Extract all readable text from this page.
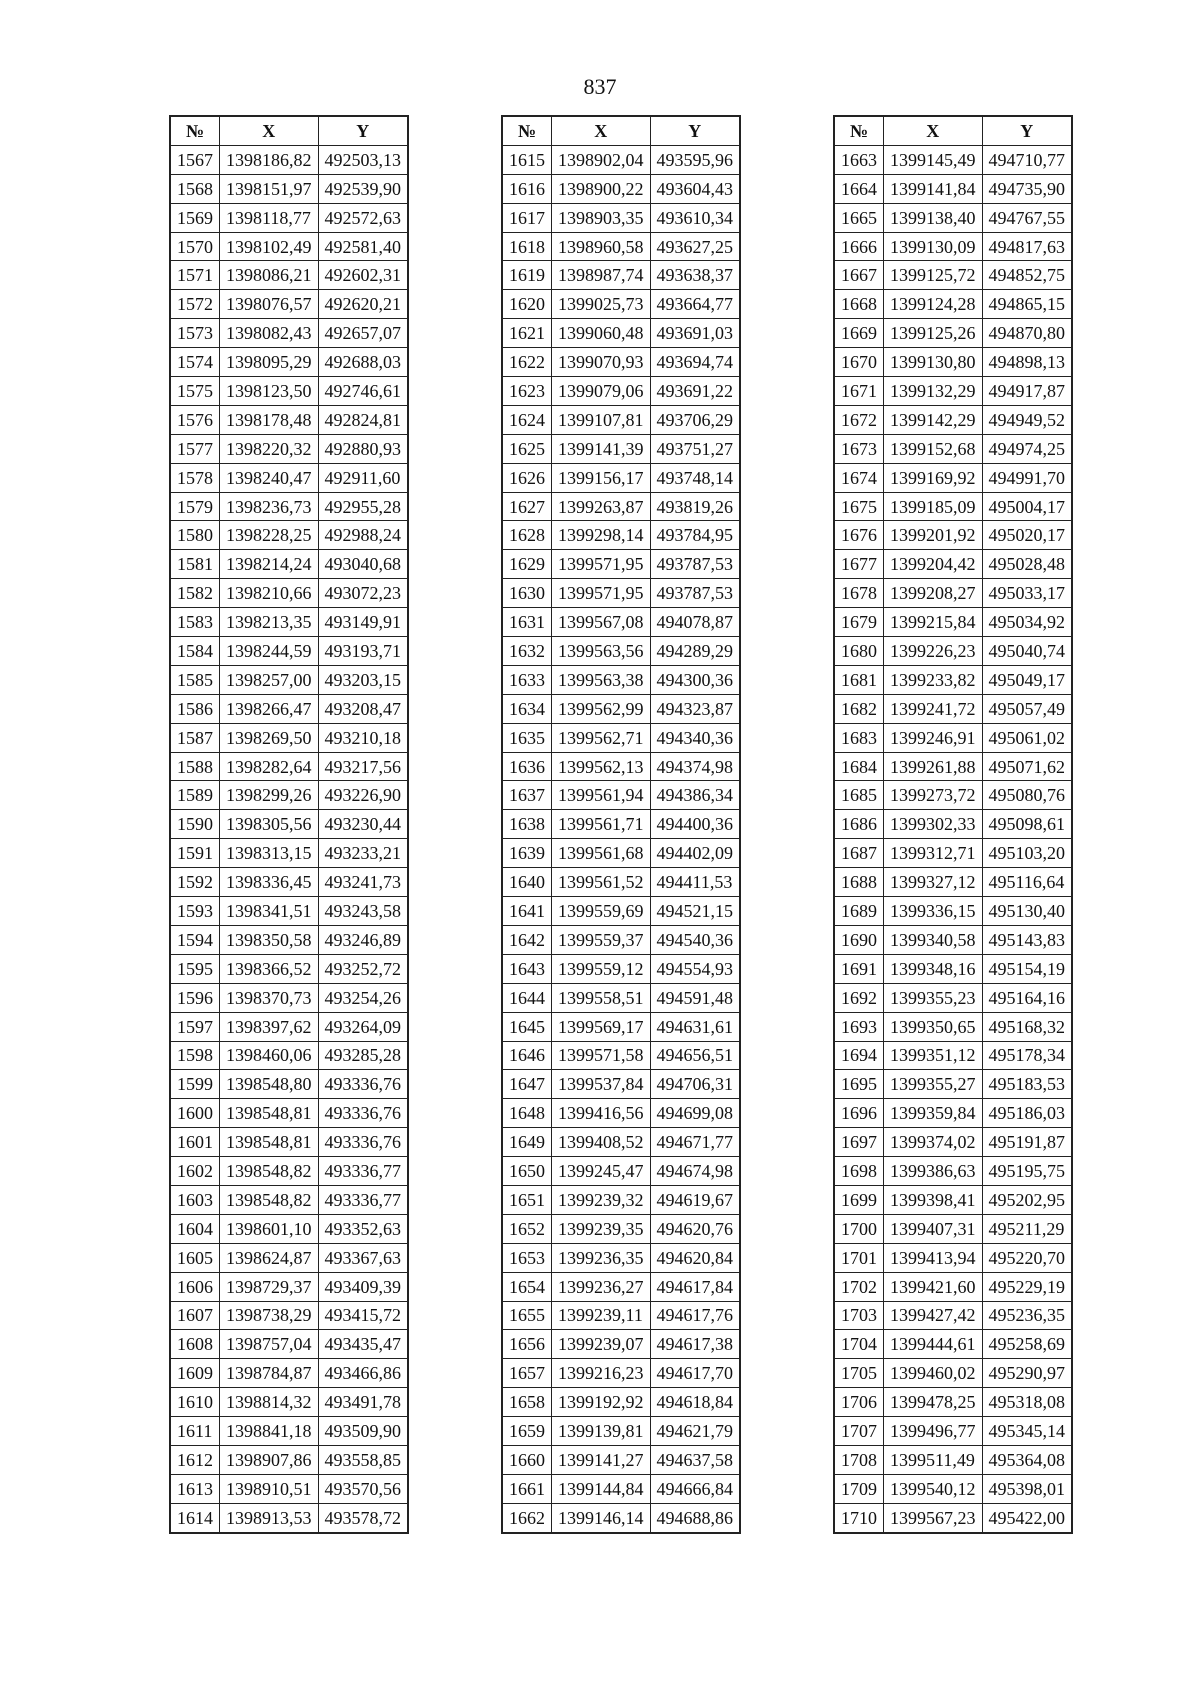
837
№	X	Y
1567	1398186,82	492503,13
1568	1398151,97	492539,90
1569	1398118,77	492572,63
1570	1398102,49	492581,40
1571	1398086,21	492602,31
1572	1398076,57	492620,21
1573	1398082,43	492657,07
1574	1398095,29	492688,03
1575	1398123,50	492746,61
1576	1398178,48	492824,81
1577	1398220,32	492880,93
1578	1398240,47	492911,60
1579	1398236,73	492955,28
1580	1398228,25	492988,24
1581	1398214,24	493040,68
1582	1398210,66	493072,23
1583	1398213,35	493149,91
1584	1398244,59	493193,71
1585	1398257,00	493203,15
1586	1398266,47	493208,47
1587	1398269,50	493210,18
1588	1398282,64	493217,56
1589	1398299,26	493226,90
1590	1398305,56	493230,44
1591	1398313,15	493233,21
1592	1398336,45	493241,73
1593	1398341,51	493243,58
1594	1398350,58	493246,89
1595	1398366,52	493252,72
1596	1398370,73	493254,26
1597	1398397,62	493264,09
1598	1398460,06	493285,28
1599	1398548,80	493336,76
1600	1398548,81	493336,76
1601	1398548,81	493336,76
1602	1398548,82	493336,77
1603	1398548,82	493336,77
1604	1398601,10	493352,63
1605	1398624,87	493367,63
1606	1398729,37	493409,39
1607	1398738,29	493415,72
1608	1398757,04	493435,47
1609	1398784,87	493466,86
1610	1398814,32	493491,78
1611	1398841,18	493509,90
1612	1398907,86	493558,85
1613	1398910,51	493570,56
1614	1398913,53	493578,72
№	X	Y
1615	1398902,04	493595,96
1616	1398900,22	493604,43
1617	1398903,35	493610,34
1618	1398960,58	493627,25
1619	1398987,74	493638,37
1620	1399025,73	493664,77
1621	1399060,48	493691,03
1622	1399070,93	493694,74
1623	1399079,06	493691,22
1624	1399107,81	493706,29
1625	1399141,39	493751,27
1626	1399156,17	493748,14
1627	1399263,87	493819,26
1628	1399298,14	493784,95
1629	1399571,95	493787,53
1630	1399571,95	493787,53
1631	1399567,08	494078,87
1632	1399563,56	494289,29
1633	1399563,38	494300,36
1634	1399562,99	494323,87
1635	1399562,71	494340,36
1636	1399562,13	494374,98
1637	1399561,94	494386,34
1638	1399561,71	494400,36
1639	1399561,68	494402,09
1640	1399561,52	494411,53
1641	1399559,69	494521,15
1642	1399559,37	494540,36
1643	1399559,12	494554,93
1644	1399558,51	494591,48
1645	1399569,17	494631,61
1646	1399571,58	494656,51
1647	1399537,84	494706,31
1648	1399416,56	494699,08
1649	1399408,52	494671,77
1650	1399245,47	494674,98
1651	1399239,32	494619,67
1652	1399239,35	494620,76
1653	1399236,35	494620,84
1654	1399236,27	494617,84
1655	1399239,11	494617,76
1656	1399239,07	494617,38
1657	1399216,23	494617,70
1658	1399192,92	494618,84
1659	1399139,81	494621,79
1660	1399141,27	494637,58
1661	1399144,84	494666,84
1662	1399146,14	494688,86
№	X	Y
1663	1399145,49	494710,77
1664	1399141,84	494735,90
1665	1399138,40	494767,55
1666	1399130,09	494817,63
1667	1399125,72	494852,75
1668	1399124,28	494865,15
1669	1399125,26	494870,80
1670	1399130,80	494898,13
1671	1399132,29	494917,87
1672	1399142,29	494949,52
1673	1399152,68	494974,25
1674	1399169,92	494991,70
1675	1399185,09	495004,17
1676	1399201,92	495020,17
1677	1399204,42	495028,48
1678	1399208,27	495033,17
1679	1399215,84	495034,92
1680	1399226,23	495040,74
1681	1399233,82	495049,17
1682	1399241,72	495057,49
1683	1399246,91	495061,02
1684	1399261,88	495071,62
1685	1399273,72	495080,76
1686	1399302,33	495098,61
1687	1399312,71	495103,20
1688	1399327,12	495116,64
1689	1399336,15	495130,40
1690	1399340,58	495143,83
1691	1399348,16	495154,19
1692	1399355,23	495164,16
1693	1399350,65	495168,32
1694	1399351,12	495178,34
1695	1399355,27	495183,53
1696	1399359,84	495186,03
1697	1399374,02	495191,87
1698	1399386,63	495195,75
1699	1399398,41	495202,95
1700	1399407,31	495211,29
1701	1399413,94	495220,70
1702	1399421,60	495229,19
1703	1399427,42	495236,35
1704	1399444,61	495258,69
1705	1399460,02	495290,97
1706	1399478,25	495318,08
1707	1399496,77	495345,14
1708	1399511,49	495364,08
1709	1399540,12	495398,01
1710	1399567,23	495422,00
